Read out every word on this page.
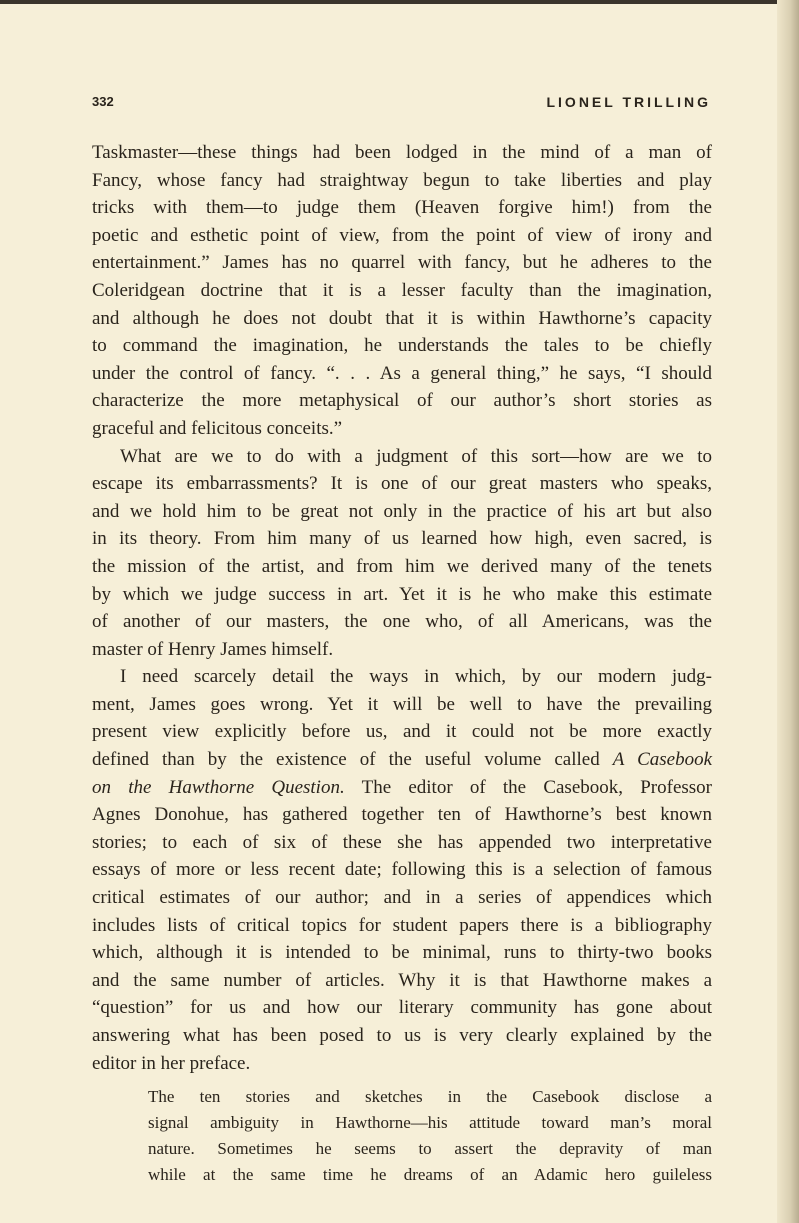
332	LIONEL TRILLING
Taskmaster—these things had been lodged in the mind of a man of
Fancy, whose fancy had straightway begun to take liberties and play
tricks with them—to judge them (Heaven forgive him!) from the
poetic and esthetic point of view, from the point of view of irony and
entertainment.” James has no quarrel with fancy, but he adheres to the
Coleridgean doctrine that it is a lesser faculty than the imagination,
and although he does not doubt that it is within Hawthorne’s capacity
to command the imagination, he understands the tales to be chiefly
under the control of fancy. “. . . As a general thing,” he says, “I should
characterize the more metaphysical of our author’s short stories as
graceful and felicitous conceits.”
What are we to do with a judgment of this sort—how are we to
escape its embarrassments? It is one of our great masters who speaks,
and we hold him to be great not only in the practice of his art but also
in its theory. From him many of us learned how high, even sacred, is
the mission of the artist, and from him we derived many of the tenets
by which we judge success in art. Yet it is he who make this estimate
of another of our masters, the one who, of all Americans, was the
master of Henry James himself.
I need scarcely detail the ways in which, by our modern judg-
ment, James goes wrong. Yet it will be well to have the prevailing
present view explicitly before us, and it could not be more exactly
defined than by the existence of the useful volume called A Casebook
on the Hawthorne Question. The editor of the Casebook, Professor
Agnes Donohue, has gathered together ten of Hawthorne’s best known
stories; to each of six of these she has appended two interpretative
essays of more or less recent date; following this is a selection of famous
critical estimates of our author; and in a series of appendices which
includes lists of critical topics for student papers there is a bibliography
which, although it is intended to be minimal, runs to thirty-two books
and the same number of articles. Why it is that Hawthorne makes a
“question” for us and how our literary community has gone about
answering what has been posed to us is very clearly explained by the
editor in her preface.
The ten stories and sketches in the Casebook disclose a
signal ambiguity in Hawthorne—his attitude toward man’s moral
nature. Sometimes he seems to assert the depravity of man
while at the same time he dreams of an Adamic hero guileless
